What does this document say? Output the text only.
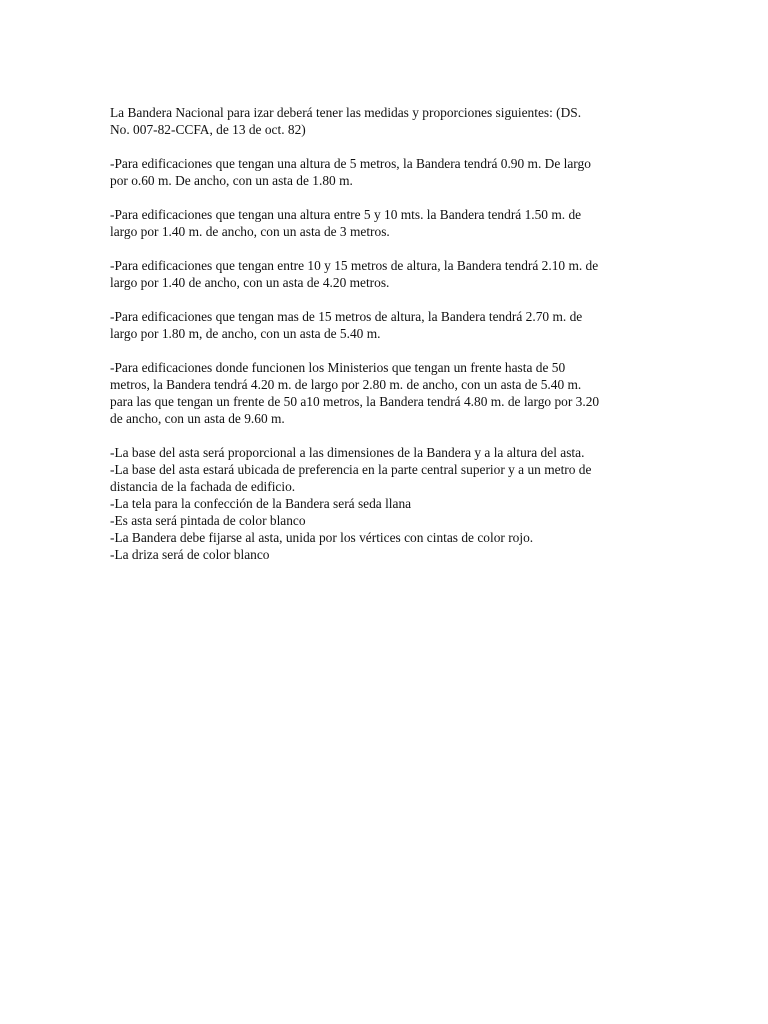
La Bandera Nacional para izar deberá tener las medidas y proporciones siguientes: (DS.
No. 007-82-CCFA, de 13 de oct. 82)

-Para edificaciones que tengan una altura de 5 metros, la Bandera tendrá 0.90 m. De largo
por o.60 m. De ancho, con un asta de 1.80 m.

-Para edificaciones que tengan una altura entre 5 y 10 mts. la Bandera tendrá 1.50 m. de
largo por 1.40 m. de ancho, con un asta de 3 metros.

-Para edificaciones que tengan entre 10 y 15 metros de altura, la Bandera tendrá 2.10 m. de
largo por 1.40 de ancho, con un asta de 4.20 metros.

-Para edificaciones que tengan mas de 15 metros de altura, la Bandera tendrá 2.70 m. de
largo por 1.80 m, de ancho, con un asta de 5.40 m.

-Para edificaciones donde funcionen los Ministerios que tengan un frente hasta de 50
metros, la Bandera tendrá 4.20 m. de largo por 2.80 m. de ancho, con un asta de 5.40 m.
para las que tengan un frente de 50 a10 metros, la Bandera tendrá 4.80 m. de largo por 3.20
de ancho, con un asta de 9.60 m.

-La base del asta será proporcional a las dimensiones de la Bandera y a la altura del asta.
-La base del asta estará ubicada de preferencia en la parte central superior y a un metro de
distancia de la fachada de edificio.
-La tela para la confección de la Bandera será seda llana
-Es asta será pintada de color blanco
-La Bandera debe fijarse al asta, unida por los vértices con cintas de color rojo.
-La driza será de color blanco
